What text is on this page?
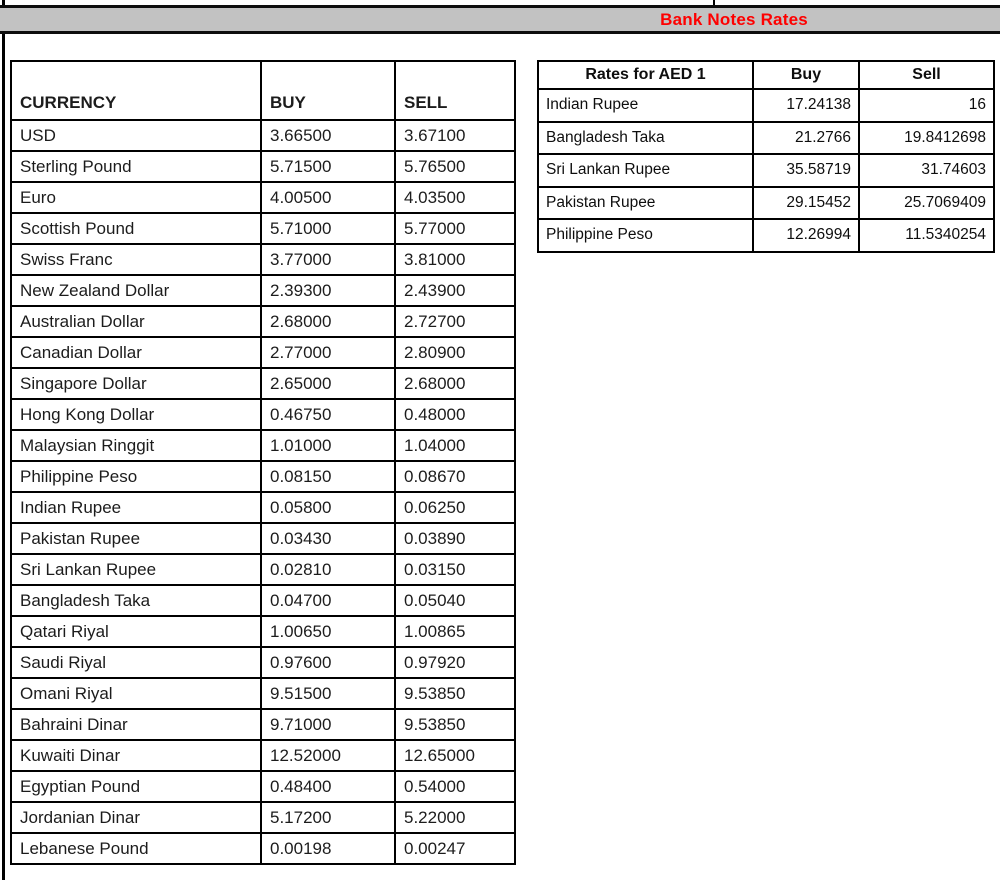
Bank Notes Rates
CURRENCY	BUY	SELL
USD	3.66500	3.67100
Sterling Pound	5.71500	5.76500
Euro	4.00500	4.03500
Scottish Pound	5.71000	5.77000
Swiss Franc	3.77000	3.81000
New Zealand Dollar	2.39300	2.43900
Australian Dollar	2.68000	2.72700
Canadian Dollar	2.77000	2.80900
Singapore Dollar	2.65000	2.68000
Hong Kong Dollar	0.46750	0.48000
Malaysian Ringgit	1.01000	1.04000
Philippine Peso	0.08150	0.08670
Indian Rupee	0.05800	0.06250
Pakistan Rupee	0.03430	0.03890
Sri Lankan Rupee	0.02810	0.03150
Bangladesh Taka	0.04700	0.05040
Qatari Riyal	1.00650	1.00865
Saudi Riyal	0.97600	0.97920
Omani Riyal	9.51500	9.53850
Bahraini Dinar	9.71000	9.53850
Kuwaiti Dinar	12.52000	12.65000
Egyptian Pound	0.48400	0.54000
Jordanian Dinar	5.17200	5.22000
Lebanese Pound	0.00198	0.00247
Rates for AED 1	Buy	Sell
Indian Rupee	17.24138	16
Bangladesh Taka	21.2766	19.8412698
Sri Lankan Rupee	35.58719	31.74603
Pakistan Rupee	29.15452	25.7069409
Philippine Peso	12.26994	11.5340254
